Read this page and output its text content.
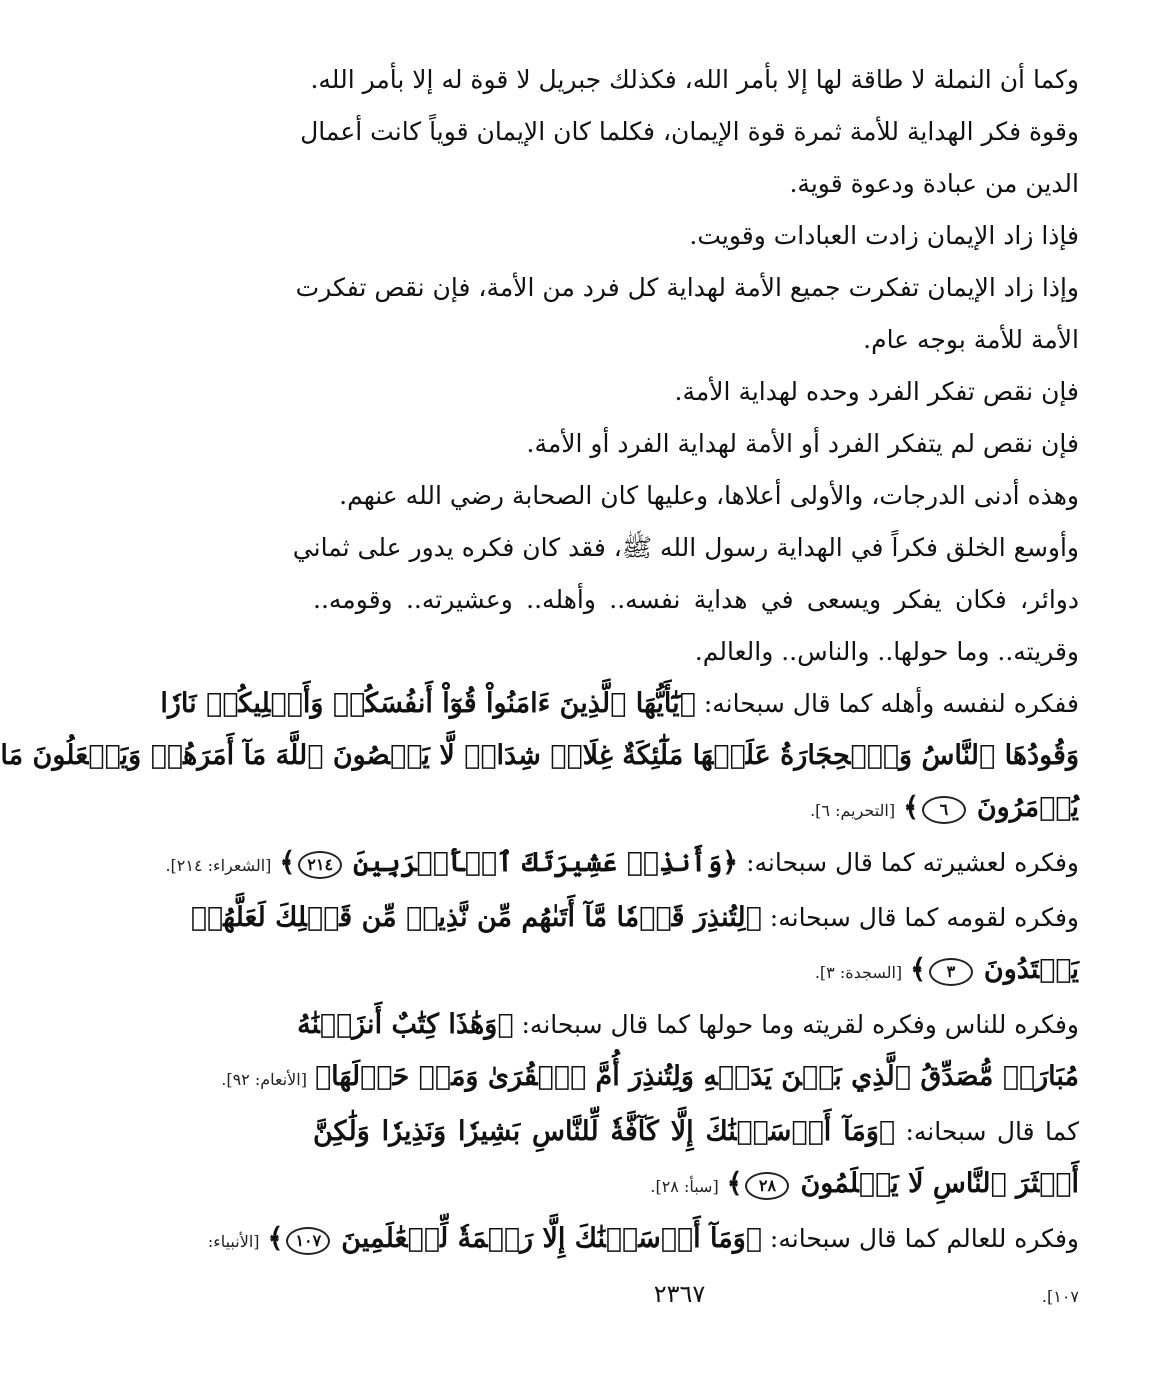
وكما أن النملة لا طاقة لها إلا بأمر الله، فكذلك جبريل لا قوة له إلا بأمر الله.
وقوة فكر الهداية للأمة ثمرة قوة الإيمان، فكلما كان الإيمان قوياً كانت أعمال
الدين من عبادة ودعوة قوية.
فإذا زاد الإيمان زادت العبادات وقويت.
وإذا زاد الإيمان تفكرت جميع الأمة لهداية كل فرد من الأمة، فإن نقص تفكرت
الأمة للأمة بوجه عام.
فإن نقص تفكر الفرد وحده لهداية الأمة.
فإن نقص لم يتفكر الفرد أو الأمة لهداية الفرد أو الأمة.
وهذه أدنى الدرجات، والأولى أعلاها، وعليها كان الصحابة رضي الله عنهم.
وأوسع الخلق فكراً في الهداية رسول الله ﷺ، فقد كان فكره يدور على ثماني
دوائر، فكان يفكر ويسعى في هداية نفسه.. وأهله.. وعشيرته.. وقومه..
وقريته.. وما حولها.. والناس.. والعالم.
ففكره لنفسه وأهله كما قال سبحانه: ﴿يَٰٓأَيُّهَا ٱلَّذِينَ ءَامَنُواْ قُوٓاْ أَنفُسَكُمۡ وَأَهۡلِيكُمۡ نَارٗا
وَقُودُهَا ٱلنَّاسُ وَٱلۡحِجَارَةُ عَلَيۡهَا مَلَٰٓئِكَةٌ غِلَاظٞ شِدَادٞ لَّا يَعۡصُونَ ٱللَّهَ مَآ أَمَرَهُمۡ وَيَفۡعَلُونَ مَا
يُؤۡمَرُونَ ٦﴾ [التحريم: ٦].
وفكره لعشيرته كما قال سبحانه: ﴿وَأَنذِرۡ عَشِيرَتَكَ ٱلۡأَقۡرَبِينَ ٢١٤﴾ [الشعراء: ٢١٤].
وفكره لقومه كما قال سبحانه: ﴿لِتُنذِرَ قَوۡمٗا مَّآ أَتَىٰهُم مِّن نَّذِيرٖ مِّن قَبۡلِكَ لَعَلَّهُمۡ
يَهۡتَدُونَ ٣﴾ [السجدة: ٣].
وفكره للناس وفكره لقريته وما حولها كما قال سبحانه: ﴿وَهَٰذَا كِتَٰبٌ أَنزَلۡنَٰهُ
مُبَارَكٞ مُّصَدِّقُ ٱلَّذِي بَيۡنَ يَدَيۡهِ وَلِتُنذِرَ أُمَّ ٱلۡقُرَىٰ وَمَنۡ حَوۡلَهَا﴾ [الأنعام: ٩٢].
كما قال سبحانه: ﴿وَمَآ أَرۡسَلۡنَٰكَ إِلَّا كَآفَّةٗ لِّلنَّاسِ بَشِيرٗا وَنَذِيرٗا وَلَٰكِنَّ
أَكۡثَرَ ٱلنَّاسِ لَا يَعۡلَمُونَ ٢٨﴾ [سبأ: ٢٨].
وفكره للعالم كما قال سبحانه: ﴿وَمَآ أَرۡسَلۡنَٰكَ إِلَّا رَحۡمَةٗ لِّلۡعَٰلَمِينَ ١٠٧﴾ [الأنبياء:
١٠٧].
٢٣٦٧
